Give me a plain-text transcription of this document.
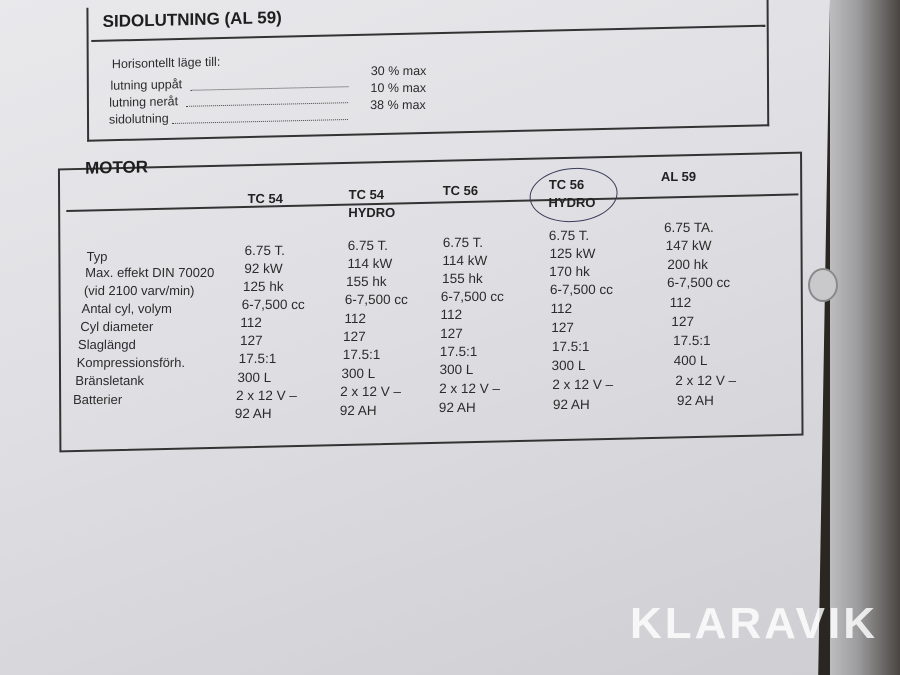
SIDOLUTNING (AL 59)
Horisontellt läge till:
lutning uppåt
30 % max
lutning neråt
10 % max
sidolutning
38 % max
MOTOR
TC 54	TC 54
HYDRO
TC 56	TC 56
HYDRO
AL 59
Typ
Max. effekt DIN 70020
(vid 2100 varv/min)
Antal cyl, volym
Cyl diameter
Slaglängd
Kompressionsförh.
Bränsletank
Batterier
6.75 T.
92 kW
125 hk
6-7,500 cc
112
127
17.5:1
300 L
2 x 12 V –
92 AH
6.75 T.
114 kW
155 hk
6-7,500 cc
112
127
17.5:1
300 L
2 x 12 V –
92 AH
6.75 T.
114 kW
155 hk
6-7,500 cc
112
127
17.5:1
300 L
2 x 12 V –
92 AH
6.75 T.
125 kW
170 hk
6-7,500 cc
112
127
17.5:1
300 L
2 x 12 V –
92 AH
6.75 TA.
147 kW
200 hk
6-7,500 cc
112
127
17.5:1
400 L
2 x 12 V –
92 AH
KLARAVIK
